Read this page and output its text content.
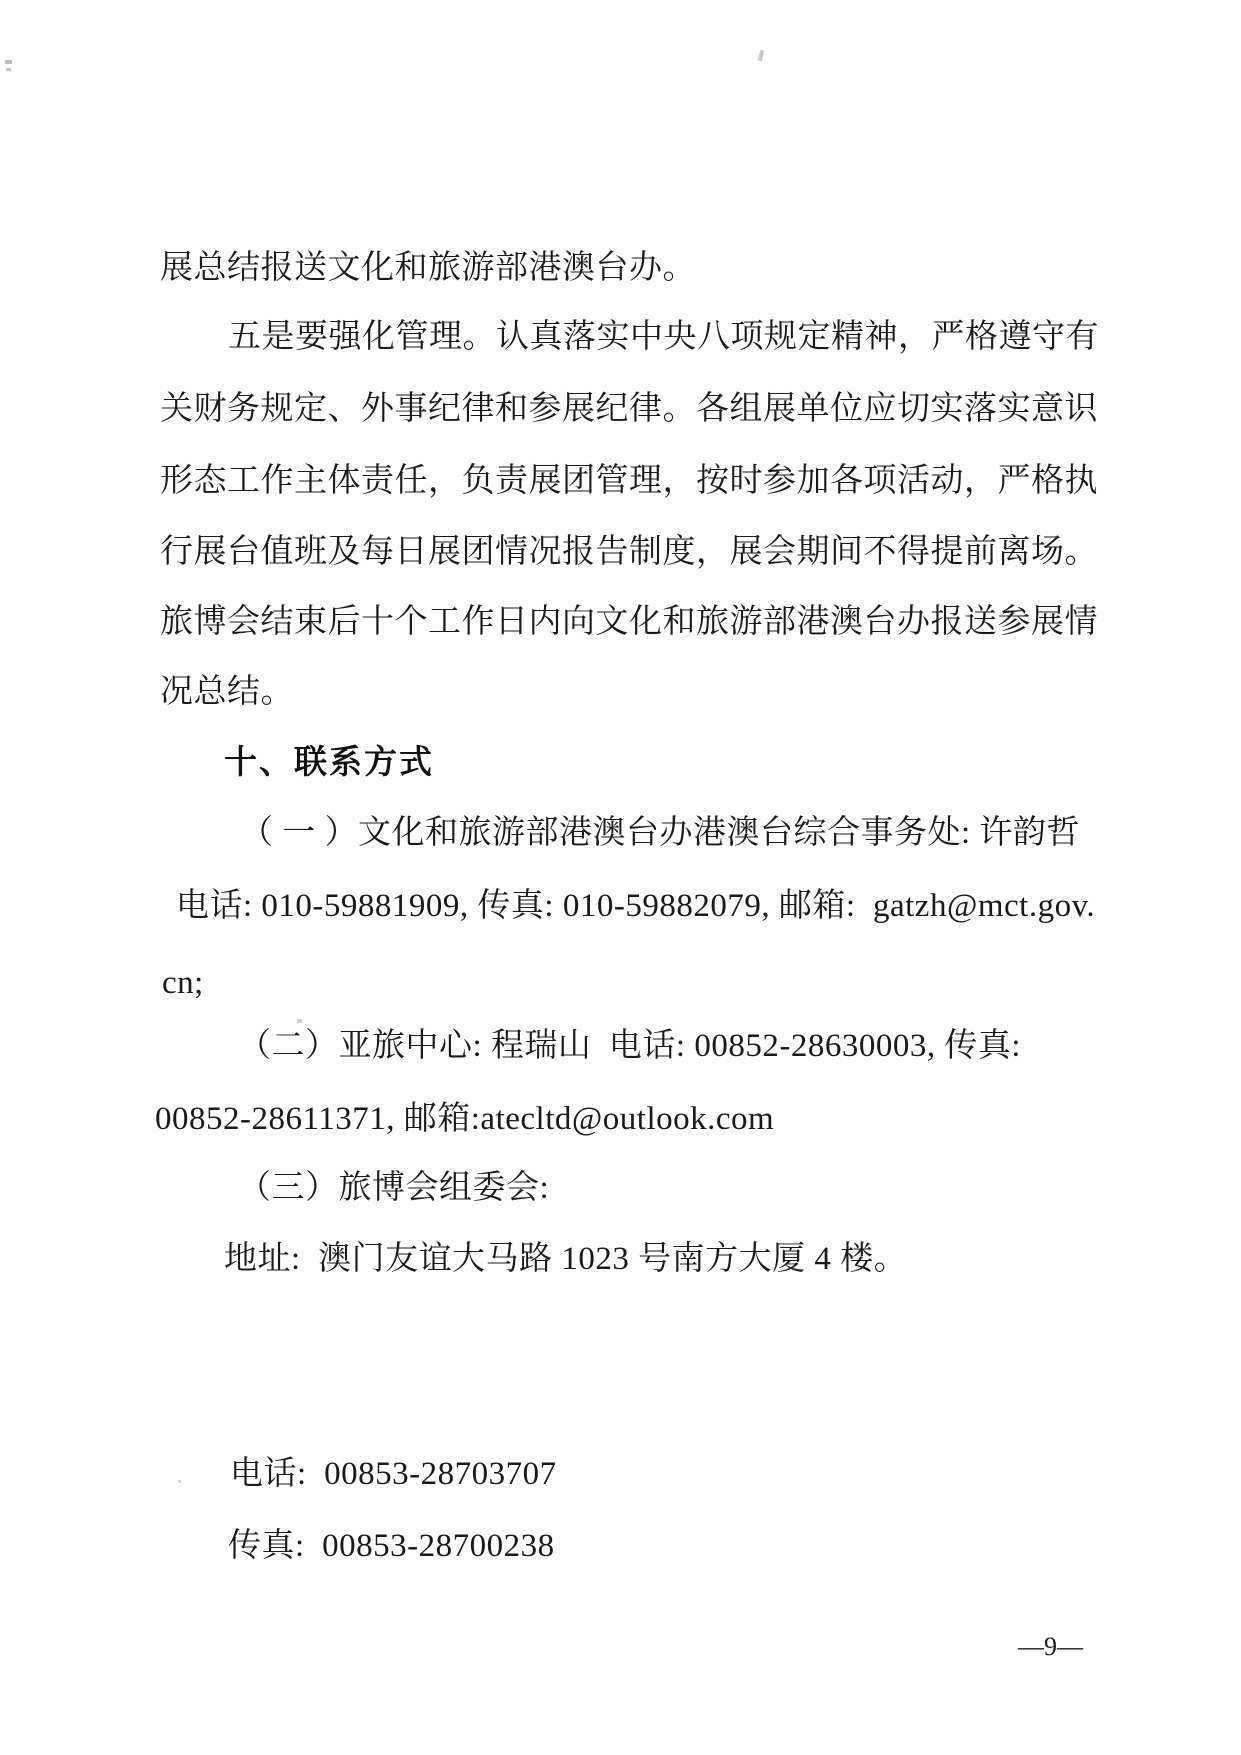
展总结报送文化和旅游部港澳台办。
五是要强化管理。认真落实中央八项规定精神，严格遵守有
关财务规定、外事纪律和参展纪律。各组展单位应切实落实意识
形态工作主体责任，负责展团管理，按时参加各项活动，严格执
行展台值班及每日展团情况报告制度，展会期间不得提前离场。
旅博会结束后十个工作日内向文化和旅游部港澳台办报送参展情
况总结。
十、联系方式
（ 一 ）文化和旅游部港澳台办港澳台综合事务处: 许韵哲
电话: 010-59881909, 传真: 010-59882079, 邮箱:  gatzh@mct.gov.
cn;
（二）亚旅中心: 程瑞山  电话: 00852-28630003, 传真:
00852-28611371, 邮箱:atecltd@outlook.com
（三）旅博会组委会:
地址:  澳门友谊大马路 1023 号南方大厦 4 楼。
电话:  00853-28703707
传真:  00853-28700238
—9—
